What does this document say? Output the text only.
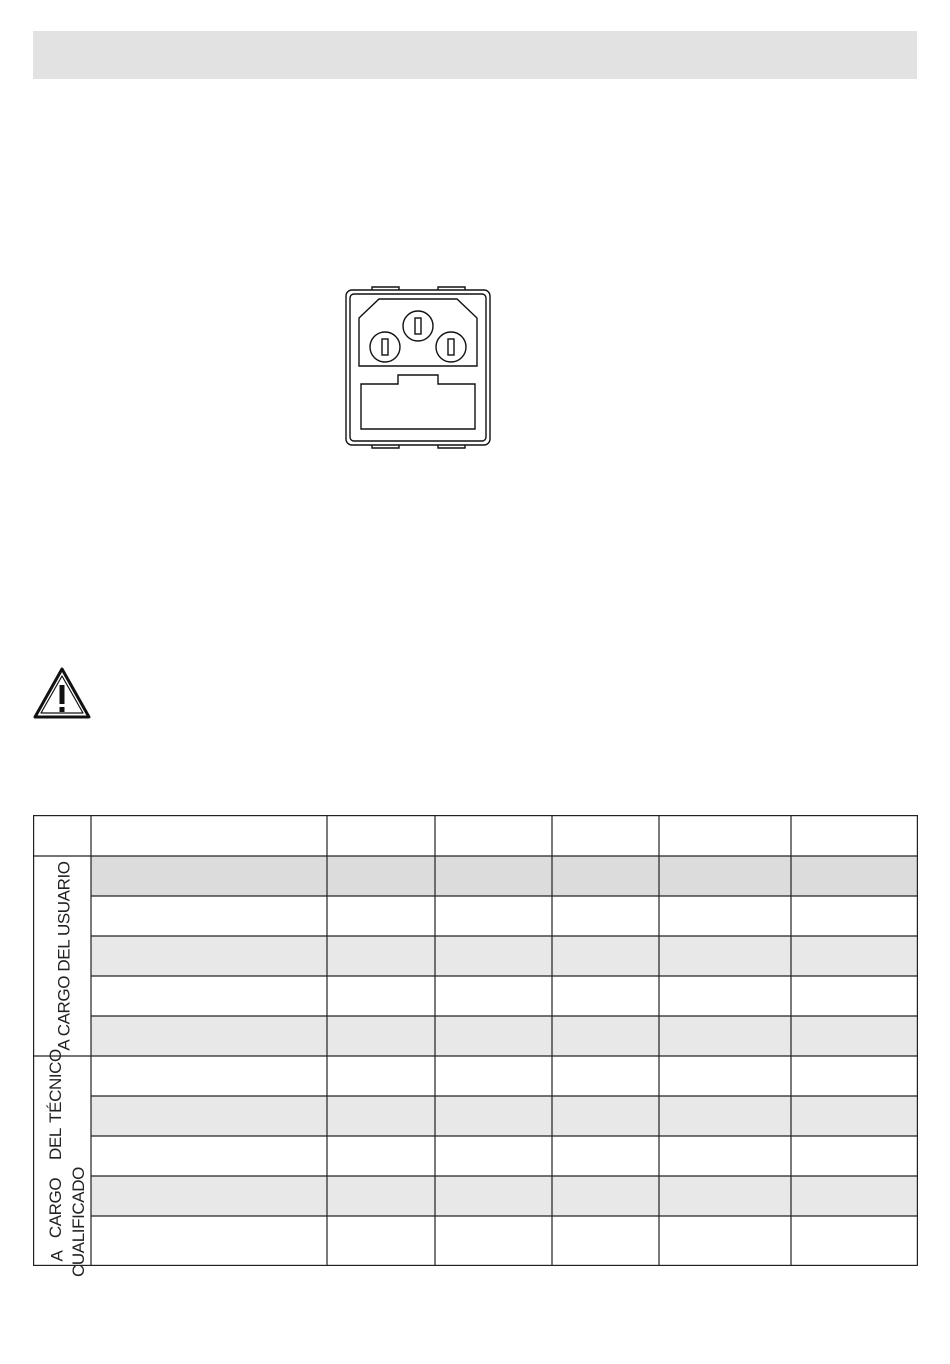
A CARGO DEL USUARIO
TÉCNICO
DEL
CARGO CUALIFICADO
A
